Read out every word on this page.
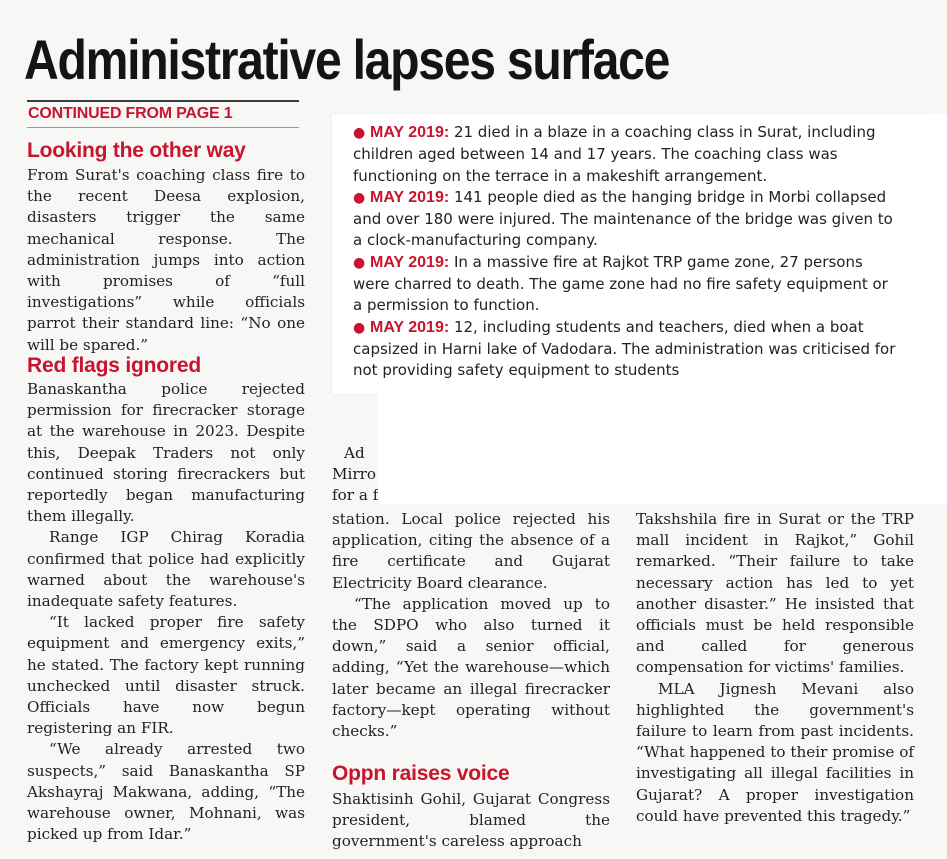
Administrative lapses surface
CONTINUED FROM PAGE 1
Looking the other way

From Surat's coaching class fire to the recent Deesa explosion, disasters trigger the same mechanical response. The administration jumps into action with promises of “full investigations” while officials parrot their standard line: “No one will be spared.”

Red flags ignored

Banaskantha police rejected permission for firecracker storage at the warehouse in 2023. Despite this, Deepak Traders not only continued storing firecrackers but reportedly began manufacturing them illegally.

Range IGP Chirag Koradia confirmed that police had explicitly warned about the warehouse's inadequate safety features.

“It lacked proper fire safety equipment and emergency exits,” he stated. The factory kept running unchecked until disaster struck. Officials have now begun registering an FIR.

“We already arrested two suspects,” said Banaskantha SP Akshayraj Makwana, adding, “The warehouse owner, Mohnani, was picked up from Idar.”

Ad

Mirro

for a f

station. Local police rejected his application, citing the absence of a fire certificate and Gujarat Electricity Board clearance.

“The application moved up to the SDPO who also turned it down,” said a senior official, adding, “Yet the warehouse—which later became an illegal firecracker factory—kept operating without checks.”

Oppn raises voice

Shaktisinh Gohil, Gujarat Congress president, blamed the government's careless approach

Takshshila fire in Surat or the TRP mall incident in Rajkot,” Gohil remarked. “Their failure to take necessary action has led to yet another disaster.” He insisted that officials must be held responsible and called for generous compensation for victims' families.

MLA Jignesh Mevani also highlighted the government's failure to learn from past incidents. “What happened to their promise of investigating all illegal facilities in Gujarat? A proper investigation could have prevented this tragedy.”

● MAY 2019: 21 died in a blaze in a coaching class in Surat, including children aged between 14 and 17 years. The coaching class was functioning on the terrace in a makeshift arrangement.

● MAY 2019: 141 people died as the hanging bridge in Morbi collapsed and over 180 were injured. The maintenance of the bridge was given to a clock-manufacturing company.

● MAY 2019: In a massive fire at Rajkot TRP game zone, 27 persons were charred to death. The game zone had no fire safety equipment or a permission to function.

● MAY 2019: 12, including students and teachers, died when a boat capsized in Harni lake of Vadodara. The administration was criticised for not providing safety equipment to students
